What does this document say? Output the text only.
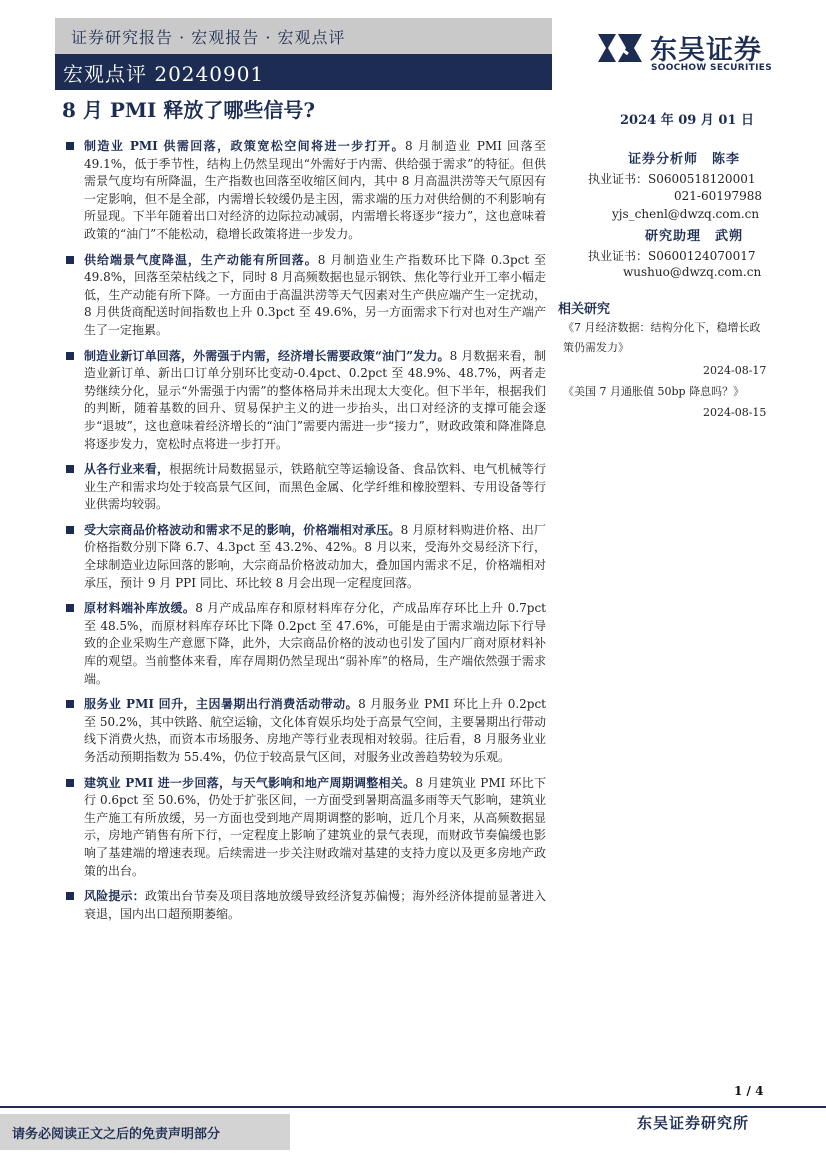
证券研究报告 · 宏观报告 · 宏观点评
宏观点评 20240901
东吴证券
SOOCHOW SECURITIES
8 月 PMI 释放了哪些信号?	2024 年 09 月 01 日
证券分析师　陈李
执业证书：S0600518120001
021-60197988
yjs_chenl@dwzq.com.cn
研究助理　武朔
执业证书：S0600124070017
wushuo@dwzq.com.cn
相关研究
《7 月经济数据：结构分化下，稳增长政策仍需发力》
2024-08-17
《美国 7 月通胀值 50bp 降息吗？》
2024-08-15
制造业 PMI 供需回落，政策宽松空间将进一步打开。8 月制造业 PMI 回落至 49.1%，低于季节性，结构上仍然呈现出“外需好于内需、供给强于需求”的特征。但供需景气度均有所降温，生产指数也回落至收缩区间内，其中 8 月高温洪涝等天气原因有一定影响，但不是全部，内需增长较缓仍是主因，需求端的压力对供给侧的不利影响有所显现。下半年随着出口对经济的边际拉动减弱，内需增长将逐步“接力”，这也意味着政策的“油门”不能松动，稳增长政策将进一步发力。
供给端景气度降温，生产动能有所回落。8 月制造业生产指数环比下降 0.3pct 至 49.8%，回落至荣枯线之下，同时 8 月高频数据也显示钢铁、焦化等行业开工率小幅走低，生产动能有所下降。一方面由于高温洪涝等天气因素对生产供应端产生一定扰动，8 月供货商配送时间指数也上升 0.3pct 至 49.6%，另一方面需求下行对也对生产端产生了一定拖累。
制造业新订单回落，外需强于内需，经济增长需要政策“油门”发力。8 月数据来看，制造业新订单、新出口订单分别环比变动-0.4pct、0.2pct 至 48.9%、48.7%，两者走势继续分化，显示“外需强于内需”的整体格局并未出现太大变化。但下半年，根据我们的判断，随着基数的回升、贸易保护主义的进一步抬头，出口对经济的支撑可能会逐步“退坡”，这也意味着经济增长的“油门”需要内需进一步“接力”，财政政策和降准降息将逐步发力，宽松时点将进一步打开。
从各行业来看，根据统计局数据显示，铁路航空等运输设备、食品饮料、电气机械等行业生产和需求均处于较高景气区间，而黑色金属、化学纤维和橡胶塑料、专用设备等行业供需均较弱。
受大宗商品价格波动和需求不足的影响，价格端相对承压。8 月原材料购进价格、出厂价格指数分别下降 6.7、4.3pct 至 43.2%、42%。8 月以来，受海外交易经济下行，全球制造业边际回落的影响，大宗商品价格波动加大，叠加国内需求不足，价格端相对承压，预计 9 月 PPI 同比、环比较 8 月会出现一定程度回落。
原材料端补库放缓。8 月产成品库存和原材料库存分化，产成品库存环比上升 0.7pct 至 48.5%，而原材料库存环比下降 0.2pct 至 47.6%，可能是由于需求端边际下行导致的企业采购生产意愿下降，此外，大宗商品价格的波动也引发了国内厂商对原材料补库的观望。当前整体来看，库存周期仍然呈现出“弱补库”的格局，生产端依然强于需求端。
服务业 PMI 回升，主因暑期出行消费活动带动。8 月服务业 PMI 环比上升 0.2pct 至 50.2%，其中铁路、航空运输，文化体育娱乐均处于高景气空间，主要暑期出行带动线下消费火热，而资本市场服务、房地产等行业表现相对较弱。往后看，8 月服务业业务活动预期指数为 55.4%，仍位于较高景气区间，对服务业改善趋势较为乐观。
建筑业 PMI 进一步回落，与天气影响和地产周期调整相关。8 月建筑业 PMI 环比下行 0.6pct 至 50.6%，仍处于扩张区间，一方面受到暑期高温多雨等天气影响，建筑业生产施工有所放缓，另一方面也受到地产周期调整的影响，近几个月来，从高频数据显示，房地产销售有所下行，一定程度上影响了建筑业的景气表现，而财政节奏偏缓也影响了基建端的增速表现。后续需进一步关注财政端对基建的支持力度以及更多房地产政策的出台。
风险提示：政策出台节奏及项目落地放缓导致经济复苏偏慢；海外经济体提前显著进入衰退，国内出口超预期萎缩。
1 / 4
请务必阅读正文之后的免责声明部分
东吴证券研究所
